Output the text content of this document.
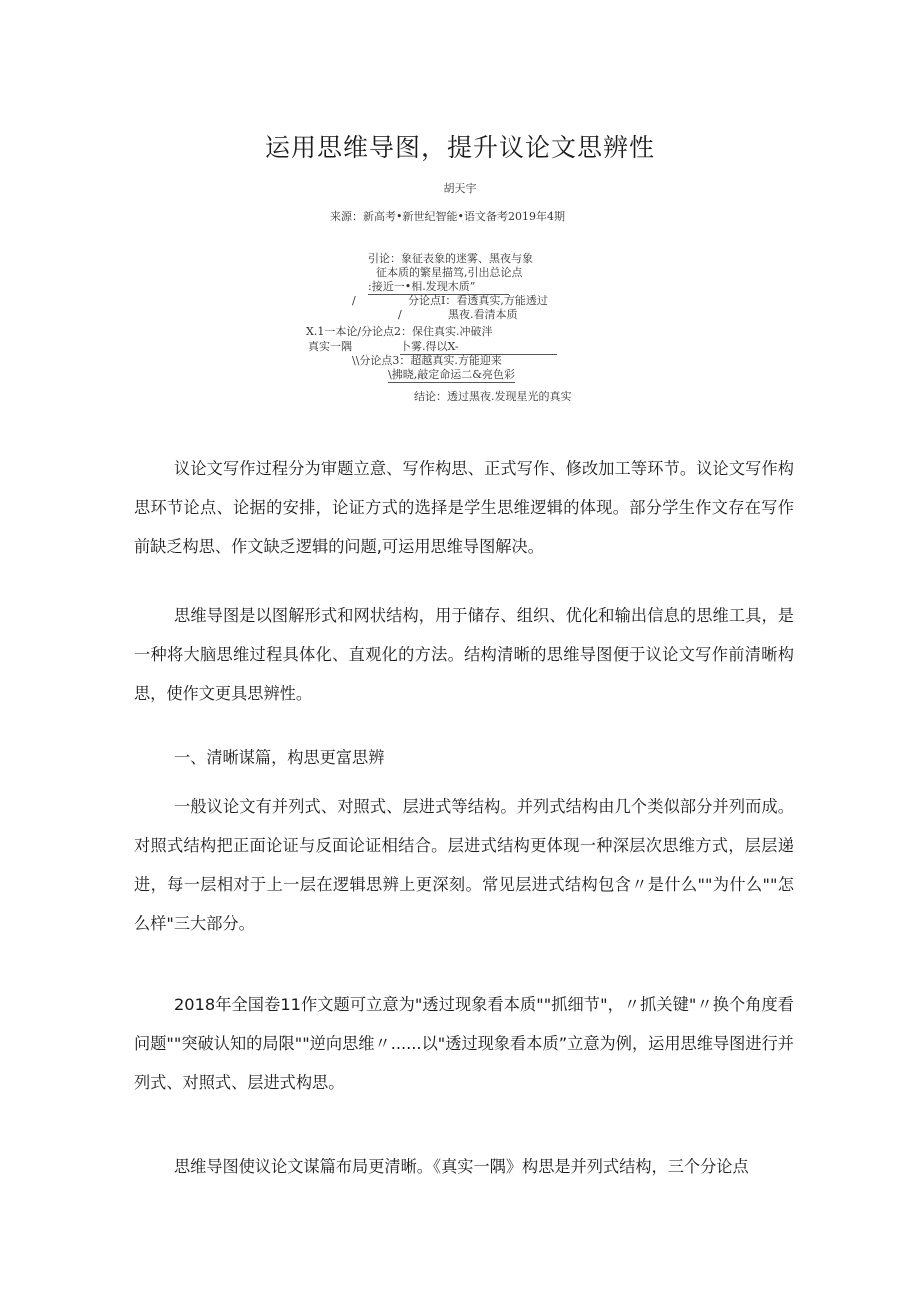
运用思维导图，提升议论文思辨性
胡天宇
来源：新高考•新世纪智能•语文备考2019年4期
引论：象征表象的迷雾、黑夜与象
征本质的繁星描笃,引出总论点
:接近一•相.发现木质”
/	分论点I：看透真实,方能透过
/	黑夜.看清本质
X.1一本论/分论点2：保住真实.冲破泮
真实一隅	卜雾.得以X-
\\分论点3：超越真实.方能迎来
\拂晓,敲定命运二&亮色彩
结论：透过黑夜.发现星光的真实

议论文写作过程分为审题立意、写作构思、正式写作、修改加工等环节。议论文写作构思环节论点、论据的安排，论证方式的选择是学生思维逻辑的体现。部分学生作文存在写作前缺乏构思、作文缺乏逻辑的问题,可运用思维导图解决。

思维导图是以图解形式和网状结构，用于储存、组织、优化和输出信息的思维工具，是一种将大脑思维过程具体化、直观化的方法。结构清晰的思维导图便于议论文写作前清晰构思，使作文更具思辨性。

一、清晰谋篇，构思更富思辨

一般议论文有并列式、对照式、层进式等结构。并列式结构由几个类似部分并列而成。对照式结构把正面论证与反面论证相结合。层进式结构更体现一种深层次思维方式，层层递进，每一层相对于上一层在逻辑思辨上更深刻。常见层进式结构包含〃是什么""为什么""怎么样"三大部分。

2018年全国卷11作文题可立意为"透过现象看本质""抓细节"，〃抓关键"〃换个角度看问题""突破认知的局限""逆向思维〃......以"透过现象看本质”立意为例，运用思维导图进行并列式、对照式、层进式构思。

思维导图使议论文谋篇布局更清晰。《真实一隅》构思是并列式结构，三个分论点
